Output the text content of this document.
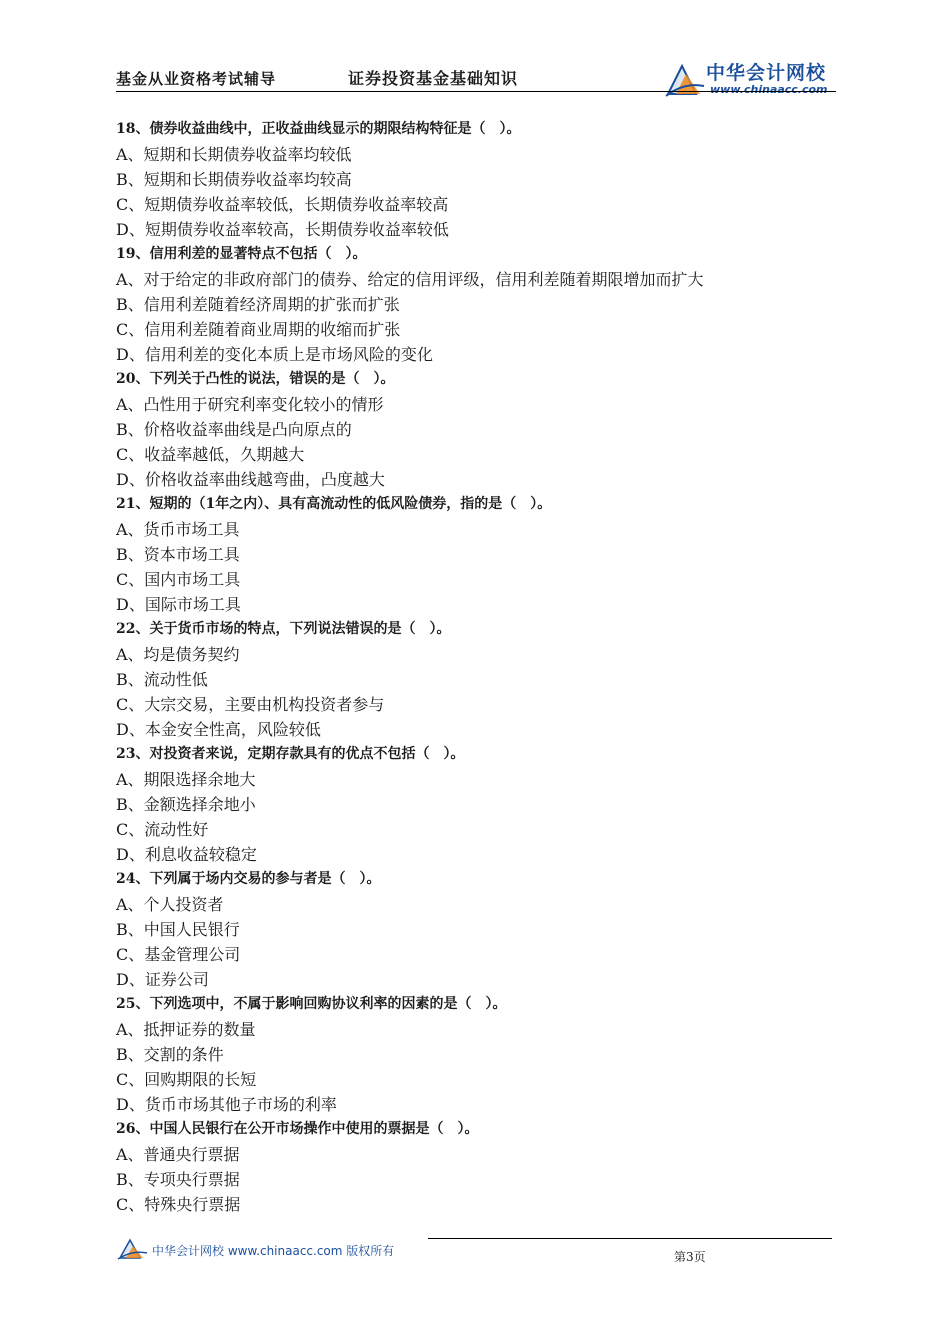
基金从业资格考试辅导	证券投资基金基础知识	中华会计网校
www.chinaacc.com
18、债券收益曲线中，正收益曲线显示的期限结构特征是（　）。
A、短期和长期债券收益率均较低
B、短期和长期债券收益率均较高
C、短期债券收益率较低，长期债券收益率较高
D、短期债券收益率较高，长期债券收益率较低
19、信用利差的显著特点不包括（　）。
A、对于给定的非政府部门的债券、给定的信用评级，信用利差随着期限增加而扩大
B、信用利差随着经济周期的扩张而扩张
C、信用利差随着商业周期的收缩而扩张
D、信用利差的变化本质上是市场风险的变化
20、下列关于凸性的说法，错误的是（　）。
A、凸性用于研究利率变化较小的情形
B、价格收益率曲线是凸向原点的
C、收益率越低，久期越大
D、价格收益率曲线越弯曲，凸度越大
21、短期的（1年之内）、具有高流动性的低风险债券，指的是（　）。
A、货币市场工具
B、资本市场工具
C、国内市场工具
D、国际市场工具
22、关于货币市场的特点，下列说法错误的是（　）。
A、均是债务契约
B、流动性低
C、大宗交易，主要由机构投资者参与
D、本金安全性高，风险较低
23、对投资者来说，定期存款具有的优点不包括（　）。
A、期限选择余地大
B、金额选择余地小
C、流动性好
D、利息收益较稳定
24、下列属于场内交易的参与者是（　）。
A、个人投资者
B、中国人民银行
C、基金管理公司
D、证券公司
25、下列选项中，不属于影响回购协议利率的因素的是（　）。
A、抵押证券的数量
B、交割的条件
C、回购期限的长短
D、货币市场其他子市场的利率
26、中国人民银行在公开市场操作中使用的票据是（　）。
A、普通央行票据
B、专项央行票据
C、特殊央行票据
中华会计网校 www.chinaacc.com 版权所有	第3页
